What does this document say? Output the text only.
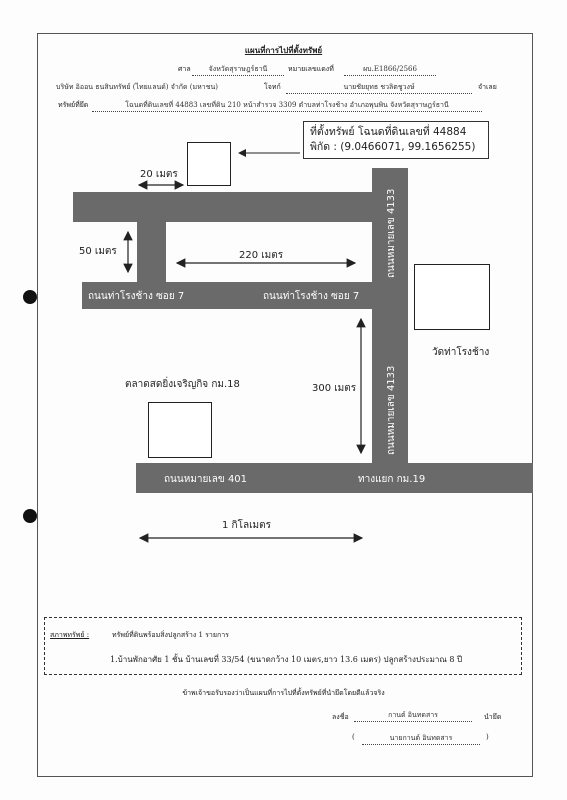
แผนที่การไปที่ตั้งทรัพย์
ศาล	จังหวัดสุราษฎร์ธานี	หมายเลขแดงที่	ผบ.E1866/2566
บริษัท อิออน ธนสินทรัพย์ (ไทยแลนด์) จำกัด (มหาชน)	โจทก์	นายชัยยุทธ ชวลิตชูวงษ์	จำเลย
ทรัพย์ที่ยึด	โฉนดที่ดินเลขที่ 44883 เลขที่ดิน 210 หน้าสำรวจ 3309 ตำบลท่าโรงช้าง อำเภอพุนพิน จังหวัดสุราษฎร์ธานี
ถนนท่าโรงช้าง ซอย 7	ถนนท่าโรงช้าง ซอย 7
ถนนหมายเลข 4133
ถนนหมายเลข 4133
ถนนหมายเลข 401	ทางแยก กม.19
วัดท่าโรงช้าง
ตลาดสดยิ่งเจริญกิจ กม.18
ที่ตั้งทรัพย์ โฉนดที่ดินเลขที่ 44884
พิกัด : (9.0466071, 99.1656255)
20 เมตร
50 เมตร	220 เมตร
300 เมตร
1 กิโลเมตร
สภาพทรัพย์ :	ทรัพย์ที่ดินพร้อมสิ่งปลูกสร้าง 1 รายการ
1.บ้านพักอาศัย 1 ชั้น บ้านเลขที่ 33/54 (ขนาดกว้าง 10 เมตร,ยาว 13.6 เมตร) ปลูกสร้างประมาณ 8 ปี
ข้าพเจ้าขอรับรองว่าเป็นแผนที่การไปที่ตั้งทรัพย์ที่นำยึดโดยดีแล้วจริง
ลงชื่อ	กานต์ อินทดสาร	นำยึด
(	นายกานต์ อินทดสาร	)
